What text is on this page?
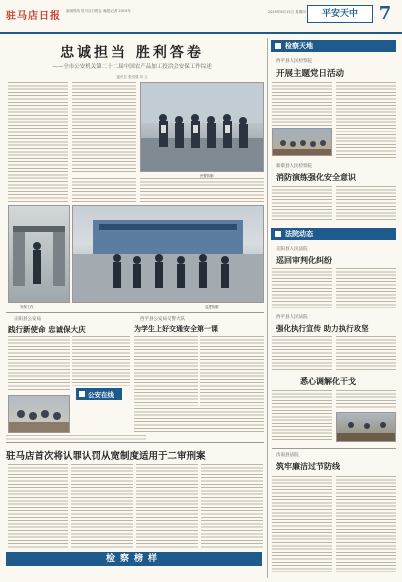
驻马店日报 新闻热线 驻马店日报社 晚报记者 2019年	2019年8月15日 星期四	平安天中	7
忠诚担当 胜利答卷
——全市公安机关第二十二届中国农产品加工投洽会安保工作综述
通讯员 张国强 刘 云
民警执勤
安保工作	巡逻执勤
正阳县公安局
践行新使命 忠诚保大庆
西平县公安局交警大队
为学生上好交通安全第一课
公安在线
驻马店首次将认罪认罚从宽制度适用于二审刑案
检察榜样
检察天地
西平县人民检察院
开展主题党日活动
新蔡县人民检察院
消防演练强化安全意识
法院动态
正阳县人民法院
巡回审判化纠纷
西平县人民法院
强化执行宣传 助力执行攻坚
悉心调解化干戈
汝南县法院
筑牢廉洁过节防线
